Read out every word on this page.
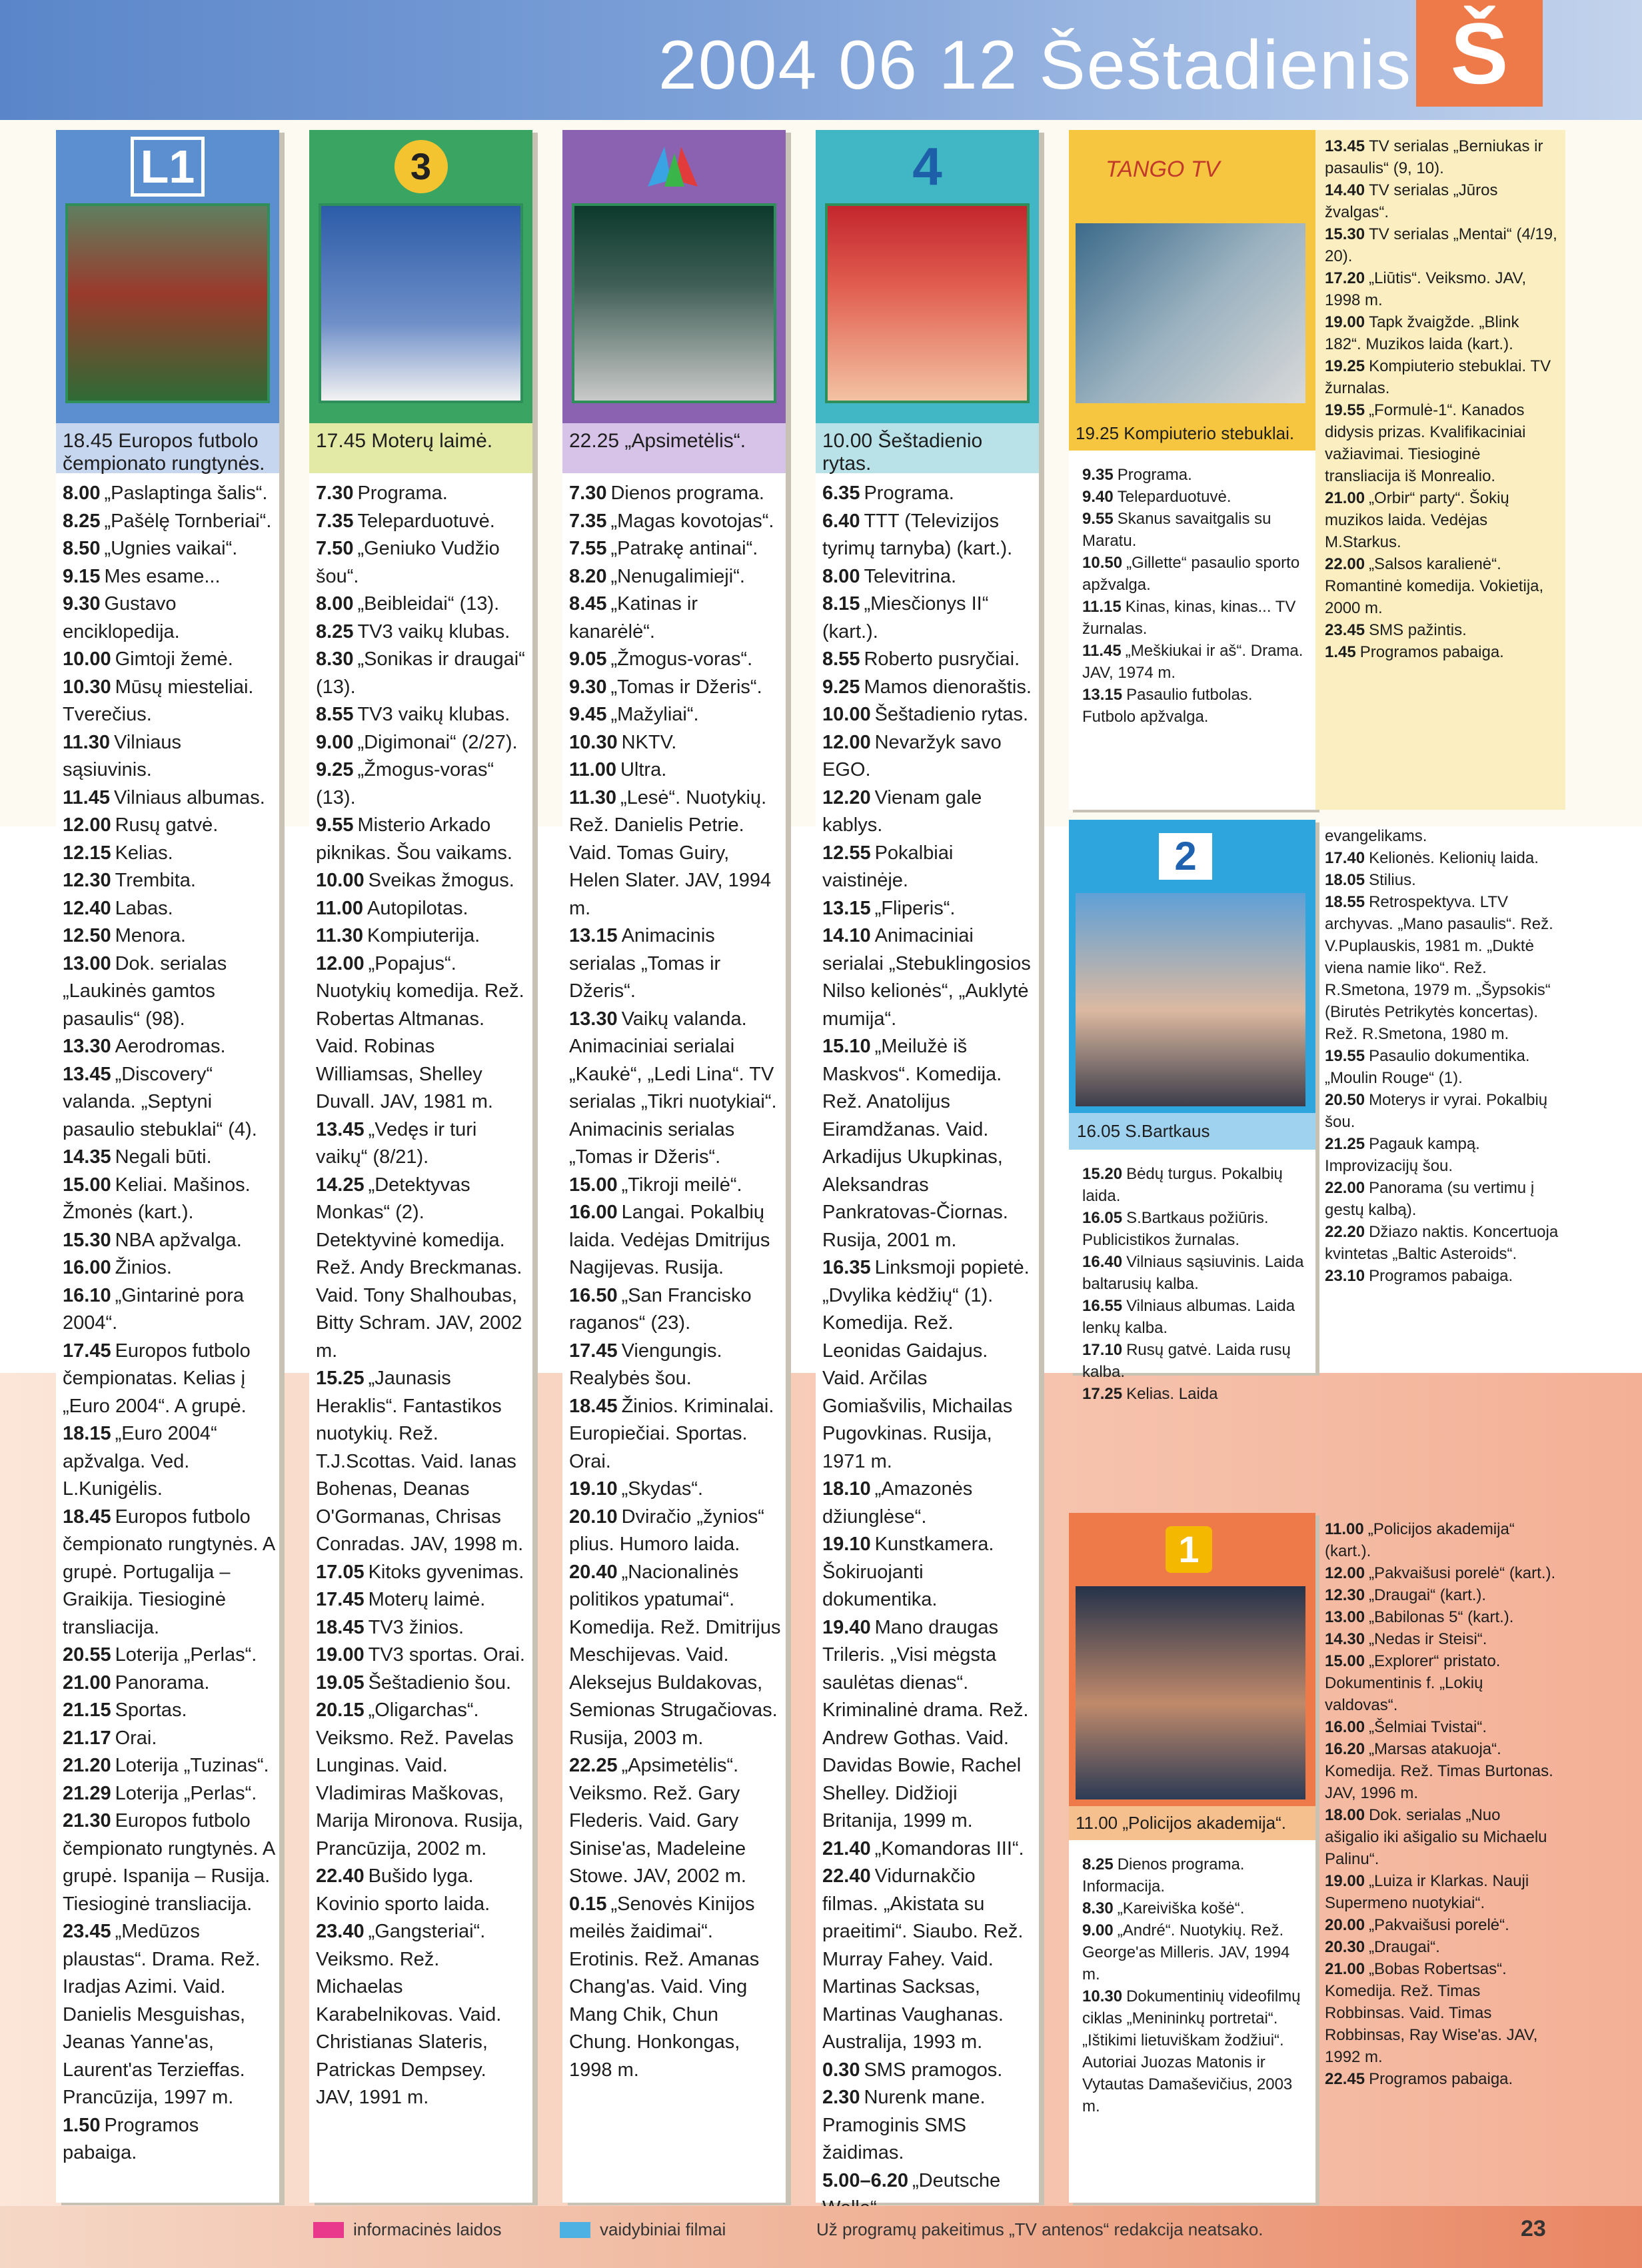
2004 06 12 Šeštadienis Š
L1
18.45 Europos futbolo čempionato rungtynės.
8.00 „Paslaptinga šalis“.
8.25 „Pašėlę Tornberiai“.
8.50 „Ugnies vaikai“.
9.15 Mes esame...
9.30 Gustavo enciklopedija.
10.00 Gimtoji žemė.
10.30 Mūsų miesteliai. Tverečius.
11.30 Vilniaus sąsiuvinis.
11.45 Vilniaus albumas.
12.00 Rusų gatvė.
12.15 Kelias.
12.30 Trembita.
12.40 Labas.
12.50 Menora.
13.00 Dok. serialas „Laukinės gamtos pasaulis“ (98).
13.30 Aerodromas.
13.45 „Discovery“ valanda. „Septyni pasaulio stebuklai“ (4).
14.35 Negali būti.
15.00 Keliai. Mašinos. Žmonės (kart.).
15.30 NBA apžvalga.
16.00 Žinios.
16.10 „Gintarinė pora 2004“.
17.45 Europos futbolo čempionatas. Kelias į „Euro 2004“. A grupė.
18.15 „Euro 2004“ apžvalga. Ved. L.Kunigėlis.
18.45 Europos futbolo čempionato rungtynės. A grupė. Portugalija – Graikija. Tiesioginė transliacija.
20.55 Loterija „Perlas“.
21.00 Panorama.
21.15 Sportas.
21.17 Orai.
21.20 Loterija „Tuzinas“.
21.29 Loterija „Perlas“.
21.30 Europos futbolo čempionato rungtynės. A grupė. Ispanija – Rusija. Tiesioginė transliacija.
23.45 „Medūzos plaustas“. Drama. Rež. Iradjas Azimi. Vaid. Danielis Mesguishas, Jeanas Yanne'as, Laurent'as Terzieffas. Prancūzija, 1997 m.
1.50 Programos pabaiga.
3
17.45 Moterų laimė.
7.30 Programa.
7.35 Teleparduotuvė.
7.50 „Geniuko Vudžio šou“.
8.00 „Beibleidai“ (13).
8.25 TV3 vaikų klubas.
8.30 „Sonikas ir draugai“ (13).
8.55 TV3 vaikų klubas.
9.00 „Digimonai“ (2/27).
9.25 „Žmogus-voras“ (13).
9.55 Misterio Arkado piknikas. Šou vaikams.
10.00 Sveikas žmogus.
11.00 Autopilotas.
11.30 Kompiuterija.
12.00 „Popajus“. Nuotykių komedija. Rež. Robertas Altmanas. Vaid. Robinas Williamsas, Shelley Duvall. JAV, 1981 m.
13.45 „Vedęs ir turi vaikų“ (8/21).
14.25 „Detektyvas Monkas“ (2). Detektyvinė komedija. Rež. Andy Breckmanas. Vaid. Tony Shalhoubas, Bitty Schram. JAV, 2002 m.
15.25 „Jaunasis Heraklis“. Fantastikos nuotykių. Rež. T.J.Scottas. Vaid. Ianas Bohenas, Deanas O'Gormanas, Chrisas Conradas. JAV, 1998 m.
17.05 Kitoks gyvenimas.
17.45 Moterų laimė.
18.45 TV3 žinios.
19.00 TV3 sportas. Orai.
19.05 Šeštadienio šou.
20.15 „Oligarchas“. Veiksmo. Rež. Pavelas Lunginas. Vaid. Vladimiras Maškovas, Marija Mironova. Rusija, Prancūzija, 2002 m.
22.40 Bušido lyga. Kovinio sporto laida.
23.40 „Gangsteriai“. Veiksmo. Rež. Michaelas Karabelnikovas. Vaid. Christianas Slateris, Patrickas Dempsey. JAV, 1991 m.
22.25 „Apsimetėlis“.
7.30 Dienos programa.
7.35 „Magas kovotojas“.
7.55 „Patrakę antinai“.
8.20 „Nenugalimieji“.
8.45 „Katinas ir kanarėlė“.
9.05 „Žmogus-voras“.
9.30 „Tomas ir Džeris“.
9.45 „Mažyliai“.
10.30 NKTV.
11.00 Ultra.
11.30 „Lesė“. Nuotykių. Rež. Danielis Petrie. Vaid. Tomas Guiry, Helen Slater. JAV, 1994 m.
13.15 Animacinis serialas „Tomas ir Džeris“.
13.30 Vaikų valanda. Animaciniai serialai „Kaukė“, „Ledi Lina“. TV serialas „Tikri nuotykiai“. Animacinis serialas „Tomas ir Džeris“.
15.00 „Tikroji meilė“.
16.00 Langai. Pokalbių laida. Vedėjas Dmitrijus Nagijevas. Rusija.
16.50 „San Francisko raganos“ (23).
17.45 Viengungis. Realybės šou.
18.45 Žinios. Kriminalai. Europiečiai. Sportas. Orai.
19.10 „Skydas“.
20.10 Dviračio „žynios“ plius. Humoro laida.
20.40 „Nacionalinės politikos ypatumai“. Komedija. Rež. Dmitrijus Meschijevas. Vaid. Aleksejus Buldakovas, Semionas Strugačiovas. Rusija, 2003 m.
22.25 „Apsimetėlis“. Veiksmo. Rež. Gary Flederis. Vaid. Gary Sinise'as, Madeleine Stowe. JAV, 2002 m.
0.15 „Senovės Kinijos meilės žaidimai“. Erotinis. Rež. Amanas Chang'as. Vaid. Ving Mang Chik, Chun Chung. Honkongas, 1998 m.
4
10.00 Šeštadienio rytas.
6.35 Programa.
6.40 TTT (Televizijos tyrimų tarnyba) (kart.).
8.00 Televitrina.
8.15 „Miesčionys II“ (kart.).
8.55 Roberto pusryčiai.
9.25 Mamos dienoraštis.
10.00 Šeštadienio rytas.
12.00 Nevaržyk savo EGO.
12.20 Vienam gale kablys.
12.55 Pokalbiai vaistinėje.
13.15 „Fliperis“.
14.10 Animaciniai serialai „Stebuklingosios Nilso kelionės“, „Auklytė mumija“.
15.10 „Meilužė iš Maskvos“. Komedija. Rež. Anatolijus Eiramdžanas. Vaid. Arkadijus Ukupkinas, Aleksandras Pankratovas-Čiornas. Rusija, 2001 m.
16.35 Linksmoji popietė. „Dvylika kėdžių“ (1). Komedija. Rež. Leonidas Gaidajus. Vaid. Arčilas Gomiašvilis, Michailas Pugovkinas. Rusija, 1971 m.
18.10 „Amazonės džiunglėse“.
19.10 Kunstkamera. Šokiruojanti dokumentika.
19.40 Mano draugas Trileris. „Visi mėgsta saulėtas dienas“. Kriminalinė drama. Rež. Andrew Gothas. Vaid. Davidas Bowie, Rachel Shelley. Didžioji Britanija, 1999 m.
21.40 „Komandoras III“.
22.40 Vidurnakčio filmas. „Akistata su praeitimi“. Siaubo. Rež. Murray Fahey. Vaid. Martinas Sacksas, Martinas Vaughanas. Australija, 1993 m.
0.30 SMS pramogos.
2.30 Nurenk mane. Pramoginis SMS žaidimas.
5.00–6.20 „Deutsche
TANGO TV
19.25 Kompiuterio stebuklai.
9.35 Programa.
9.40 Teleparduotuvė.
9.55 Skanus savaitgalis su Maratu.
10.50 „Gillette“ pasaulio sporto apžvalga.
11.15 Kinas, kinas, kinas... TV žurnalas.
11.45 „Meškiukai ir aš“. Drama. JAV, 1974 m.
13.15 Pasaulio futbolas. Futbolo apžvalga.
13.45 TV serialas „Berniukas ir pasaulis“ (9, 10).
14.40 TV serialas „Jūros žvalgas“.
15.30 TV serialas „Mentai“ (4/19, 20).
17.20 „Liūtis“. Veiksmo. JAV, 1998 m.
19.00 Tapk žvaigžde. „Blink 182“. Muzikos laida (kart.).
19.25 Kompiuterio stebuklai. TV žurnalas.
19.55 „Formulė-1“. Kanados didysis prizas. Kvalifikaciniai važiavimai. Tiesioginė transliacija iš Monrealio.
21.00 „Orbir“ party“. Šokių muzikos laida. Vedėjas M.Starkus.
22.00 „Salsos karalienė“. Romantinė komedija. Vokietija, 2000 m.
23.45 SMS pažintis.
1.45 Programos pabaiga.
2
16.05 S.Bartkaus
15.20 Bėdų turgus. Pokalbių laida.
16.05 S.Bartkaus požiūris. Publicistikos žurnalas.
16.40 Vilniaus sąsiuvinis. Laida baltarusių kalba.
16.55 Vilniaus albumas. Laida lenkų kalba.
17.10 Rusų gatvė. Laida rusų kalba.
17.25 Kelias. Laida
evangelikams.
17.40 Kelionės. Kelionių laida.
18.05 Stilius.
18.55 Retrospektyva. LTV archyvas. „Mano pasaulis“. Rež. V.Puplauskis, 1981 m. „Duktė viena namie liko“. Rež. R.Smetona, 1979 m. „Šypsokis“ (Birutės Petrikytės koncertas). Rež. R.Smetona, 1980 m.
19.55 Pasaulio dokumentika. „Moulin Rouge“ (1).
20.50 Moterys ir vyrai. Pokalbių šou.
21.25 Pagauk kampą. Improvizacijų šou.
22.00 Panorama (su vertimu į gestų kalbą).
22.20 Džiazo naktis. Koncertuoja kvintetas „Baltic Asteroids“.
23.10 Programos pabaiga.
1
11.00 „Policijos akademija“.
8.25 Dienos programa. Informacija.
8.30 „Kareiviška košė“.
9.00 „André“. Nuotykių. Rež. George'as Milleris. JAV, 1994 m.
10.30 Dokumentinių videofilmų ciklas „Menininkų portretai“. „Ištikimi lietuviškam žodžiui“. Autoriai Juozas Matonis ir Vytautas Damaševičius, 2003 m.
11.00 „Policijos akademija“ (kart.).
12.00 „Pakvaišusi porelė“ (kart.).
12.30 „Draugai“ (kart.).
13.00 „Babilonas 5“ (kart.).
14.30 „Nedas ir Steisi“.
15.00 „Explorer“ pristato. Dokumentinis f. „Lokių valdovas“.
16.00 „Šelmiai Tvistai“.
16.20 „Marsas atakuoja“. Komedija. Rež. Timas Burtonas. JAV, 1996 m.
18.00 Dok. serialas „Nuo ašigalio iki ašigalio su Michaelu Palinu“.
19.00 „Luiza ir Klarkas. Nauji Supermeno nuotykiai“.
20.00 „Pakvaišusi porelė“.
20.30 „Draugai“.
21.00 „Bobas Robertsas“. Komedija. Rež. Timas Robbinsas. Vaid. Timas Robbinsas, Ray Wise'as. JAV, 1992 m.
22.45 Programos pabaiga.
informacinės laidos	vaidybiniai filmai	Už programų pakeitimus „TV antenos“ redakcija neatsako.	23
